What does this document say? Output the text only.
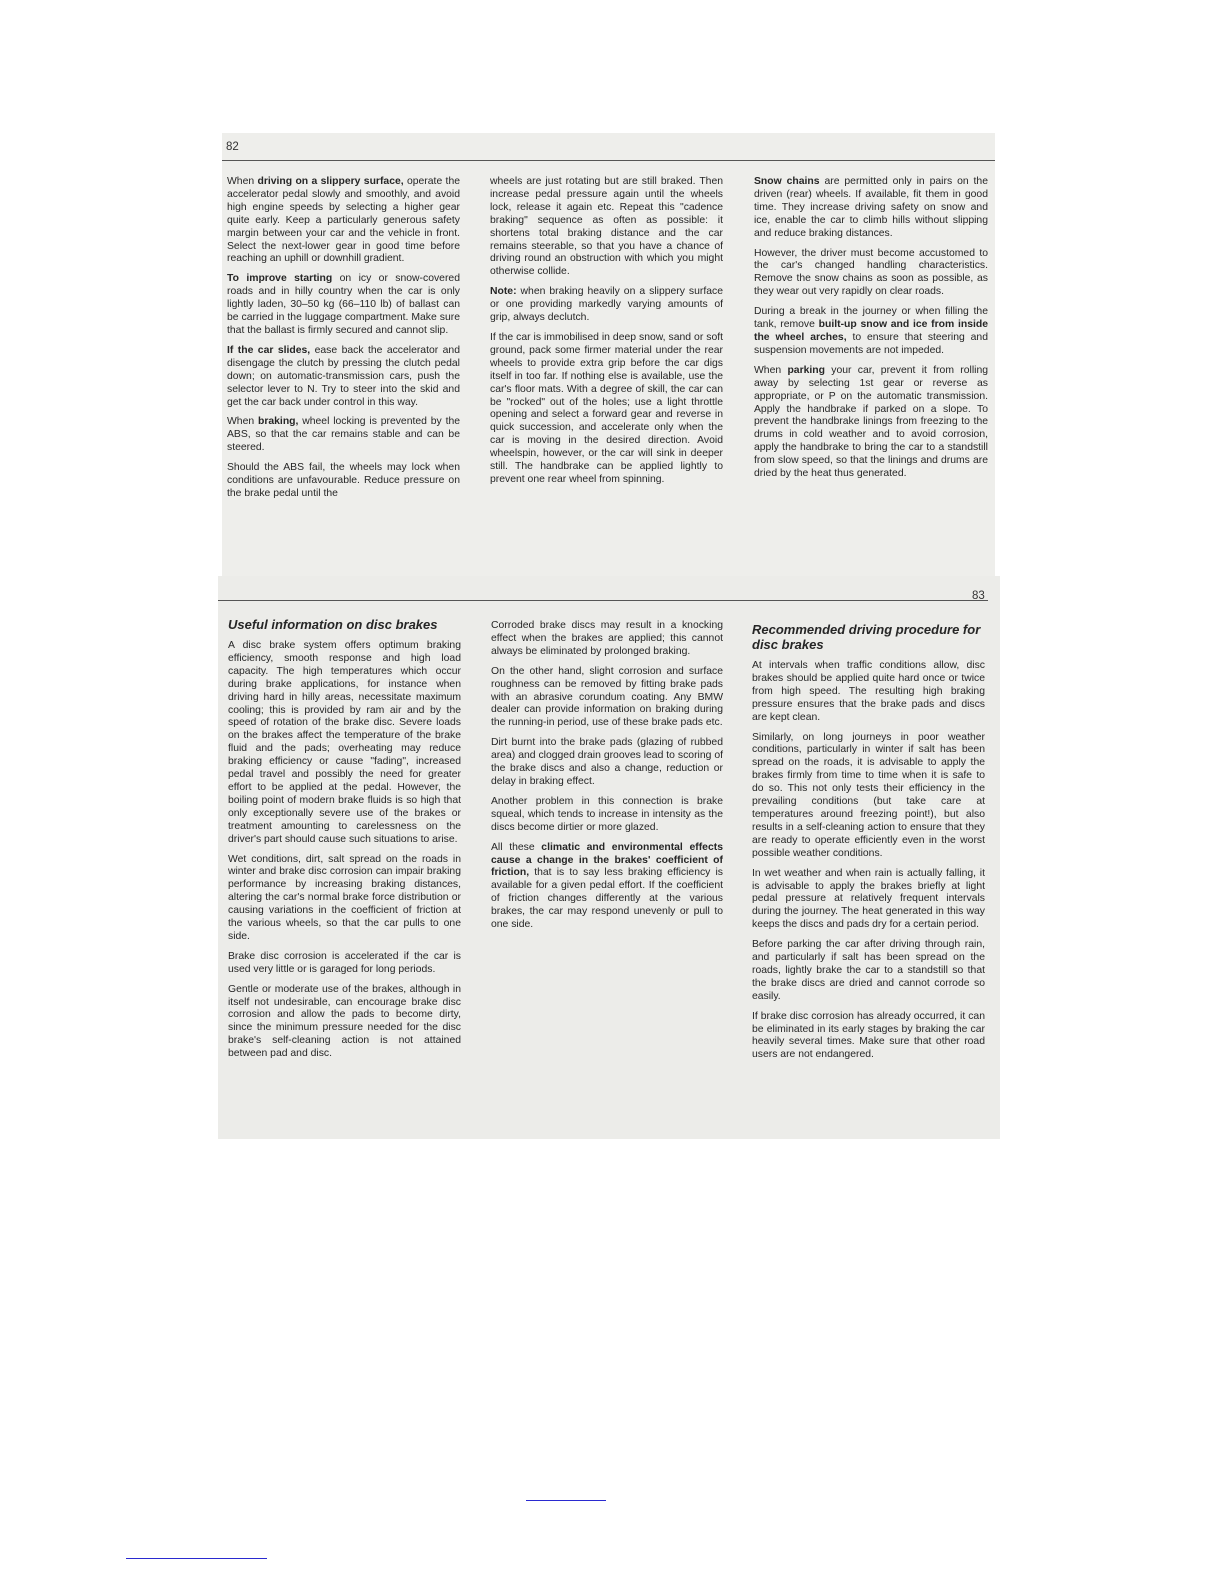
82

When driving on a slippery surface, operate the accelerator pedal slowly and smoothly, and avoid high engine speeds by selecting a higher gear quite early. Keep a particularly generous safety margin between your car and the vehicle in front. Select the next-lower gear in good time before reaching an uphill or downhill gradient.

To improve starting on icy or snow-covered roads and in hilly country when the car is only lightly laden, 30–50 kg (66–110 lb) of ballast can be carried in the luggage compartment. Make sure that the ballast is firmly secured and cannot slip.

If the car slides, ease back the accelerator and disengage the clutch by pressing the clutch pedal down; on automatic-transmission cars, push the selector lever to N. Try to steer into the skid and get the car back under control in this way.

When braking, wheel locking is prevented by the ABS, so that the car remains stable and can be steered.

Should the ABS fail, the wheels may lock when conditions are unfavourable. Reduce pressure on the brake pedal until the

wheels are just rotating but are still braked. Then increase pedal pressure again until the wheels lock, release it again etc. Repeat this "cadence braking" sequence as often as possible: it shortens total braking distance and the car remains steerable, so that you have a chance of driving round an obstruction with which you might otherwise collide.

Note: when braking heavily on a slippery surface or one providing markedly varying amounts of grip, always declutch.

If the car is immobilised in deep snow, sand or soft ground, pack some firmer material under the rear wheels to provide extra grip before the car digs itself in too far. If nothing else is available, use the car's floor mats. With a degree of skill, the car can be "rocked" out of the holes; use a light throttle opening and select a forward gear and reverse in quick succession, and accelerate only when the car is moving in the desired direction. Avoid wheelspin, however, or the car will sink in deeper still. The handbrake can be applied lightly to prevent one rear wheel from spinning.

Snow chains are permitted only in pairs on the driven (rear) wheels. If available, fit them in good time. They increase driving safety on snow and ice, enable the car to climb hills without slipping and reduce braking distances.

However, the driver must become accustomed to the car's changed handling characteristics. Remove the snow chains as soon as possible, as they wear out very rapidly on clear roads.

During a break in the journey or when filling the tank, remove built-up snow and ice from inside the wheel arches, to ensure that steering and suspension movements are not impeded.

When parking your car, prevent it from rolling away by selecting 1st gear or reverse as appropriate, or P on the automatic transmission. Apply the handbrake if parked on a slope. To prevent the handbrake linings from freezing to the drums in cold weather and to avoid corrosion, apply the handbrake to bring the car to a standstill from slow speed, so that the linings and drums are dried by the heat thus generated.

83
Useful information on disc brakes

A disc brake system offers optimum braking efficiency, smooth response and high load capacity. The high temperatures which occur during brake applications, for instance when driving hard in hilly areas, necessitate maximum cooling; this is provided by ram air and by the speed of rotation of the brake disc. Severe loads on the brakes affect the temperature of the brake fluid and the pads; overheating may reduce braking efficiency or cause "fading", increased pedal travel and possibly the need for greater effort to be applied at the pedal. However, the boiling point of modern brake fluids is so high that only exceptionally severe use of the brakes or treatment amounting to carelessness on the driver's part should cause such situations to arise.

Wet conditions, dirt, salt spread on the roads in winter and brake disc corrosion can impair braking performance by increasing braking distances, altering the car's normal brake force distribution or causing variations in the coefficient of friction at the various wheels, so that the car pulls to one side.

Brake disc corrosion is accelerated if the car is used very little or is garaged for long periods.

Gentle or moderate use of the brakes, although in itself not undesirable, can encourage brake disc corrosion and allow the pads to become dirty, since the minimum pressure needed for the disc brake's self-cleaning action is not attained between pad and disc.

Corroded brake discs may result in a knocking effect when the brakes are applied; this cannot always be eliminated by prolonged braking.

On the other hand, slight corrosion and surface roughness can be removed by fitting brake pads with an abrasive corundum coating. Any BMW dealer can provide information on braking during the running-in period, use of these brake pads etc.

Dirt burnt into the brake pads (glazing of rubbed area) and clogged drain grooves lead to scoring of the brake discs and also a change, reduction or delay in braking effect.

Another problem in this connection is brake squeal, which tends to increase in intensity as the discs become dirtier or more glazed.

All these climatic and environmental effects cause a change in the brakes' coefficient of friction, that is to say less braking efficiency is available for a given pedal effort. If the coefficient of friction changes differently at the various brakes, the car may respond unevenly or pull to one side.

Recommended driving procedure for disc brakes

At intervals when traffic conditions allow, disc brakes should be applied quite hard once or twice from high speed. The resulting high braking pressure ensures that the brake pads and discs are kept clean.

Similarly, on long journeys in poor weather conditions, particularly in winter if salt has been spread on the roads, it is advisable to apply the brakes firmly from time to time when it is safe to do so. This not only tests their efficiency in the prevailing conditions (but take care at temperatures around freezing point!), but also results in a self-cleaning action to ensure that they are ready to operate efficiently even in the worst possible weather conditions.

In wet weather and when rain is actually falling, it is advisable to apply the brakes briefly at light pedal pressure at relatively frequent intervals during the journey. The heat generated in this way keeps the discs and pads dry for a certain period.

Before parking the car after driving through rain, and particularly if salt has been spread on the roads, lightly brake the car to a standstill so that the brake discs are dried and cannot corrode so easily.

If brake disc corrosion has already occurred, it can be eliminated in its early stages by braking the car heavily several times. Make sure that other road users are not endangered.
